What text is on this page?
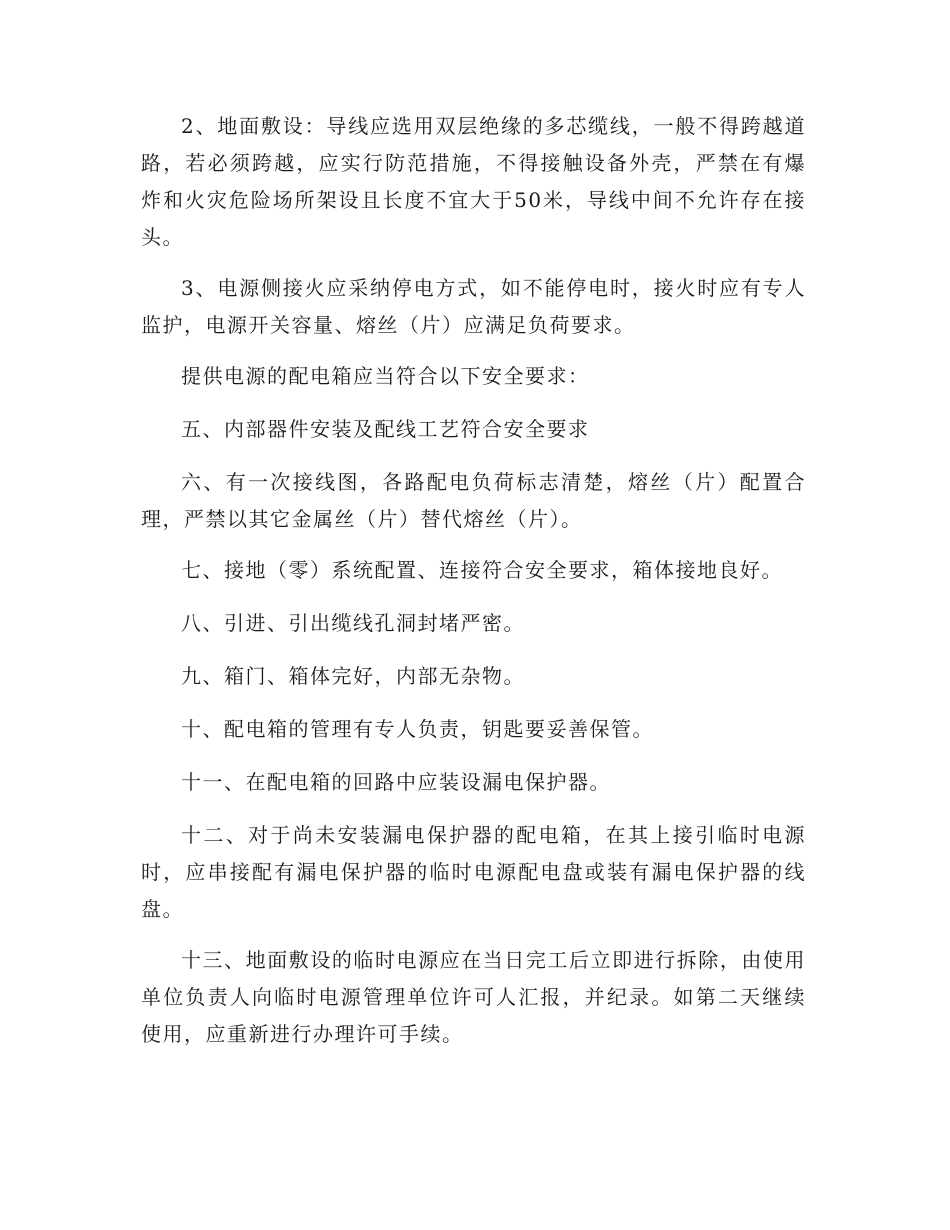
2、地面敷设：导线应选用双层绝缘的多芯缆线，一般不得跨越道路，若必须跨越，应实行防范措施，不得接触设备外壳，严禁在有爆炸和火灾危险场所架设且长度不宜大于50米，导线中间不允许存在接头。

3、电源侧接火应采纳停电方式，如不能停电时，接火时应有专人监护，电源开关容量、熔丝（片）应满足负荷要求。

提供电源的配电箱应当符合以下安全要求：

五、内部器件安装及配线工艺符合安全要求

六、有一次接线图，各路配电负荷标志清楚，熔丝（片）配置合理，严禁以其它金属丝（片）替代熔丝（片）。

七、接地（零）系统配置、连接符合安全要求，箱体接地良好。

八、引进、引出缆线孔洞封堵严密。

九、箱门、箱体完好，内部无杂物。

十、配电箱的管理有专人负责，钥匙要妥善保管。

十一、在配电箱的回路中应装设漏电保护器。

十二、对于尚未安装漏电保护器的配电箱，在其上接引临时电源时，应串接配有漏电保护器的临时电源配电盘或装有漏电保护器的线盘。

十三、地面敷设的临时电源应在当日完工后立即进行拆除，由使用单位负责人向临时电源管理单位许可人汇报，并纪录。如第二天继续使用，应重新进行办理许可手续。
